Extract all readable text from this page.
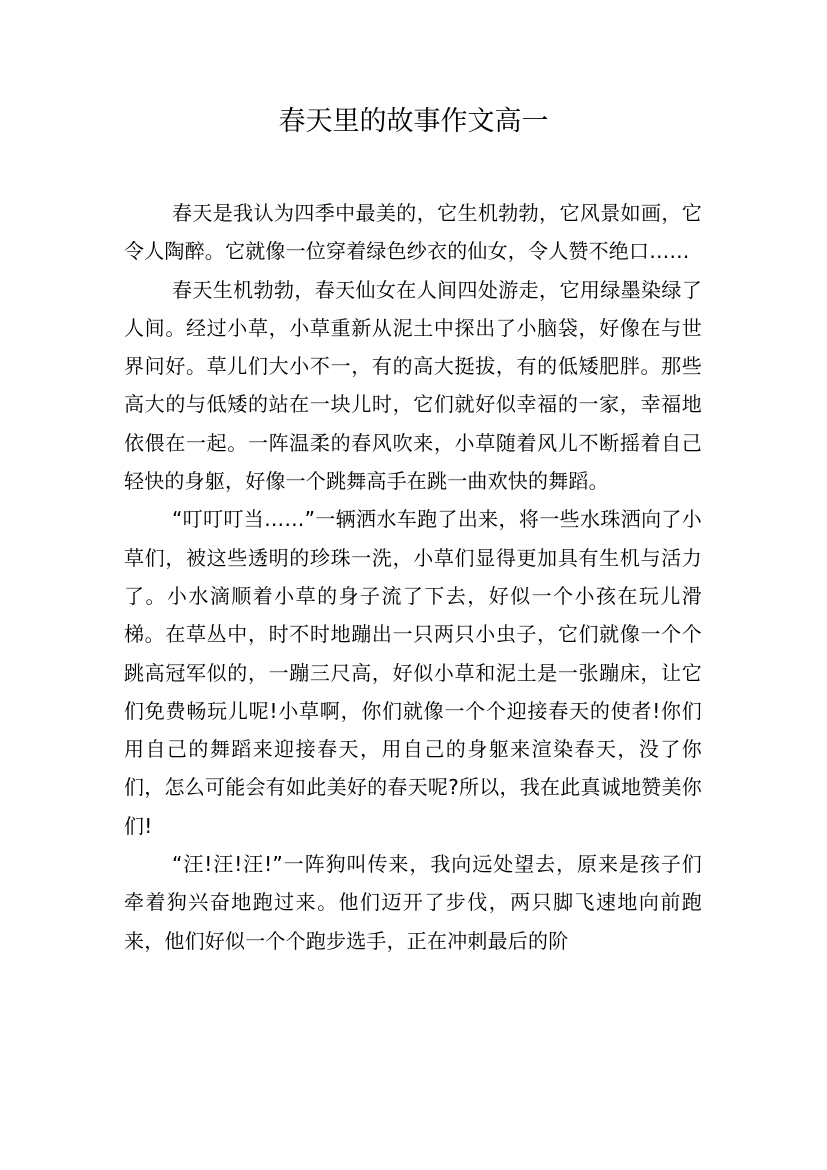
春天里的故事作文高一

春天是我认为四季中最美的，它生机勃勃，它风景如画，它令人陶醉。它就像一位穿着绿色纱衣的仙女，令人赞不绝口……

春天生机勃勃，春天仙女在人间四处游走，它用绿墨染绿了人间。经过小草，小草重新从泥土中探出了小脑袋，好像在与世界问好。草儿们大小不一，有的高大挺拔，有的低矮肥胖。那些高大的与低矮的站在一块儿时，它们就好似幸福的一家，幸福地依偎在一起。一阵温柔的春风吹来，小草随着风儿不断摇着自己轻快的身躯，好像一个跳舞高手在跳一曲欢快的舞蹈。

“叮叮叮当……”一辆洒水车跑了出来，将一些水珠洒向了小草们，被这些透明的珍珠一洗，小草们显得更加具有生机与活力了。小水滴顺着小草的身子流了下去，好似一个小孩在玩儿滑梯。在草丛中，时不时地蹦出一只两只小虫子，它们就像一个个跳高冠军似的，一蹦三尺高，好似小草和泥土是一张蹦床，让它们免费畅玩儿呢!小草啊，你们就像一个个迎接春天的使者!你们用自己的舞蹈来迎接春天，用自己的身躯来渲染春天，没了你们，怎么可能会有如此美好的春天呢?所以，我在此真诚地赞美你们!

“汪!汪!汪!”一阵狗叫传来，我向远处望去，原来是孩子们牵着狗兴奋地跑过来。他们迈开了步伐，两只脚飞速地向前跑来，他们好似一个个跑步选手，正在冲刺最后的阶
